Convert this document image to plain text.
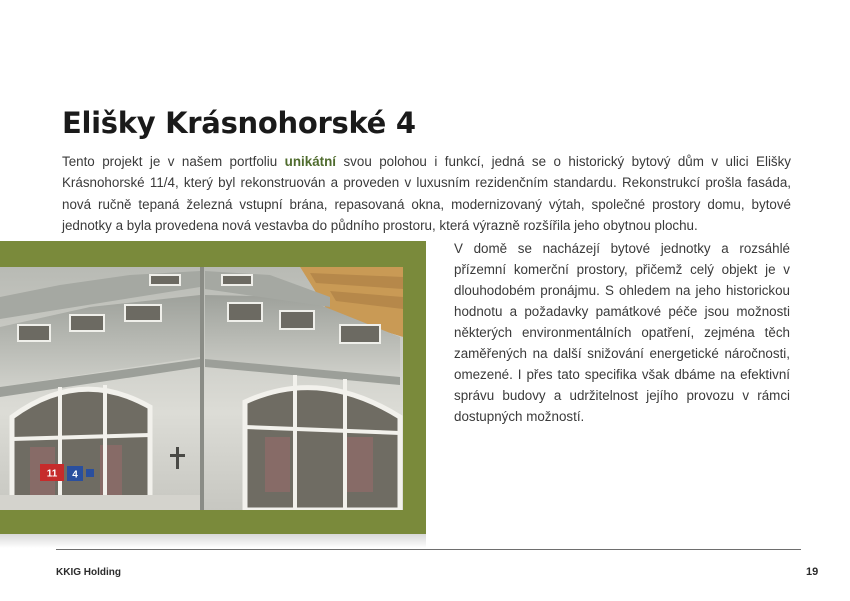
Elišky Krásnohorské 4

Tento projekt je v našem portfoliu unikátní svou polohou i funkcí, jedná se o historický bytový dům v ulici Elišky Krásnohorské 11/4, který byl rekonstruován a proveden v luxusním rezidenčním standardu. Rekonstrukcí prošla fasáda, nová ručně tepaná železná vstupní brána, repasovaná okna, modernizovaný výtah, společné prostory domu, bytové jednotky a byla provedena nová vestavba do půdního prostoru, která výrazně rozšířila jeho obytnou plochu.

11 4

V domě se nacházejí bytové jednotky a rozsáhlé přízemní komerční prostory, přičemž celý objekt je v dlouhodobém pronájmu. S ohledem na jeho historickou hodnotu a požadavky památkové péče jsou možnosti některých environmentálních opatření, zejména těch zaměřených na další snižování energetické náročnosti, omezené. I přes tato specifika však dbáme na efektivní správu budovy a udržitelnost jejího provozu v rámci dostupných možností.

KKIG Holding	19
